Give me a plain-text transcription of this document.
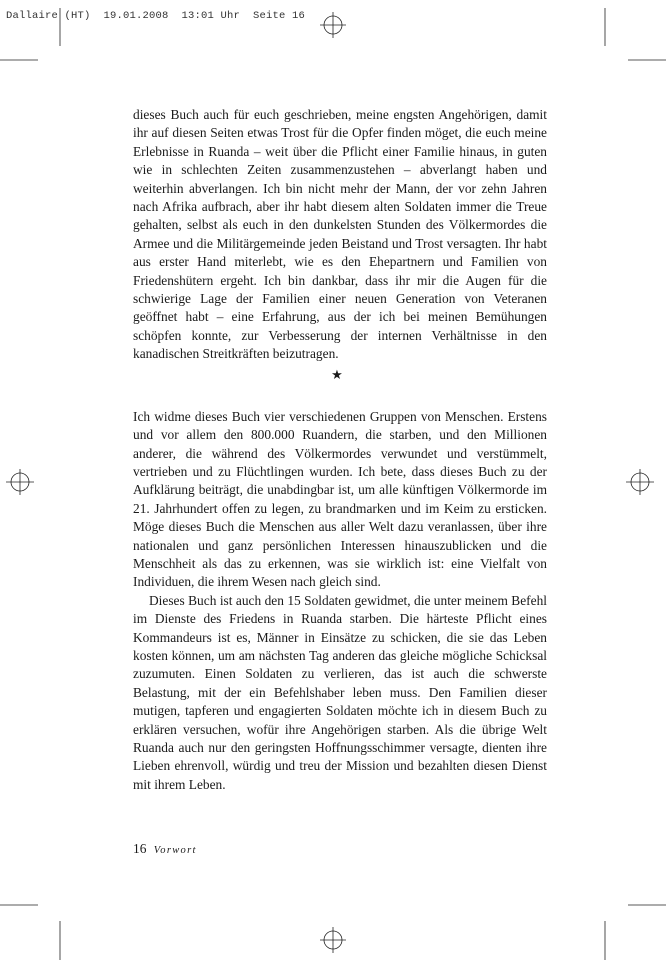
Dallaire (HT)  19.01.2008  13:01 Uhr  Seite 16

dieses Buch auch für euch geschrieben, meine engsten Angehörigen, damit ihr auf diesen Seiten etwas Trost für die Opfer finden möget, die euch meine Erlebnisse in Ruanda – weit über die Pflicht einer Familie hinaus, in guten wie in schlechten Zeiten zusammenzustehen – abverlangt haben und weiterhin abverlangen. Ich bin nicht mehr der Mann, der vor zehn Jahren nach Afrika aufbrach, aber ihr habt diesem alten Soldaten immer die Treue gehalten, selbst als euch in den dunkelsten Stunden des Völkermordes die Armee und die Militärgemeinde jeden Beistand und Trost versagten. Ihr habt aus erster Hand miterlebt, wie es den Ehepartnern und Familien von Friedenshütern ergeht. Ich bin dankbar, dass ihr mir die Augen für die schwierige Lage der Familien einer neuen Generation von Veteranen geöffnet habt – eine Erfahrung, aus der ich bei meinen Bemühungen schöpfen konnte, zur Verbesserung der internen Verhältnisse in den kanadischen Streitkräften beizutragen.

★

Ich widme dieses Buch vier verschiedenen Gruppen von Menschen. Erstens und vor allem den 800.000 Ruandern, die starben, und den Millionen anderer, die während des Völkermordes verwundet und verstümmelt, vertrieben und zu Flüchtlingen wurden. Ich bete, dass dieses Buch zu der Aufklärung beiträgt, die unabdingbar ist, um alle künftigen Völkermorde im 21. Jahrhundert offen zu legen, zu brandmarken und im Keim zu ersticken. Möge dieses Buch die Menschen aus aller Welt dazu veranlassen, über ihre nationalen und ganz persönlichen Interessen hinauszublicken und die Menschheit als das zu erkennen, was sie wirklich ist: eine Vielfalt von Individuen, die ihrem Wesen nach gleich sind.

Dieses Buch ist auch den 15 Soldaten gewidmet, die unter meinem Befehl im Dienste des Friedens in Ruanda starben. Die härteste Pflicht eines Kommandeurs ist es, Männer in Einsätze zu schicken, die sie das Leben kosten können, um am nächsten Tag anderen das gleiche mögliche Schicksal zuzumuten. Einen Soldaten zu verlieren, das ist auch die schwerste Belastung, mit der ein Befehlshaber leben muss. Den Familien dieser mutigen, tapferen und engagierten Soldaten möchte ich in diesem Buch zu erklären versuchen, wofür ihre Angehörigen starben. Als die übrige Welt Ruanda auch nur den geringsten Hoffnungsschimmer versagte, dienten ihre Lieben ehrenvoll, würdig und treu der Mission und bezahlten diesen Dienst mit ihrem Leben.

16 Vorwort
